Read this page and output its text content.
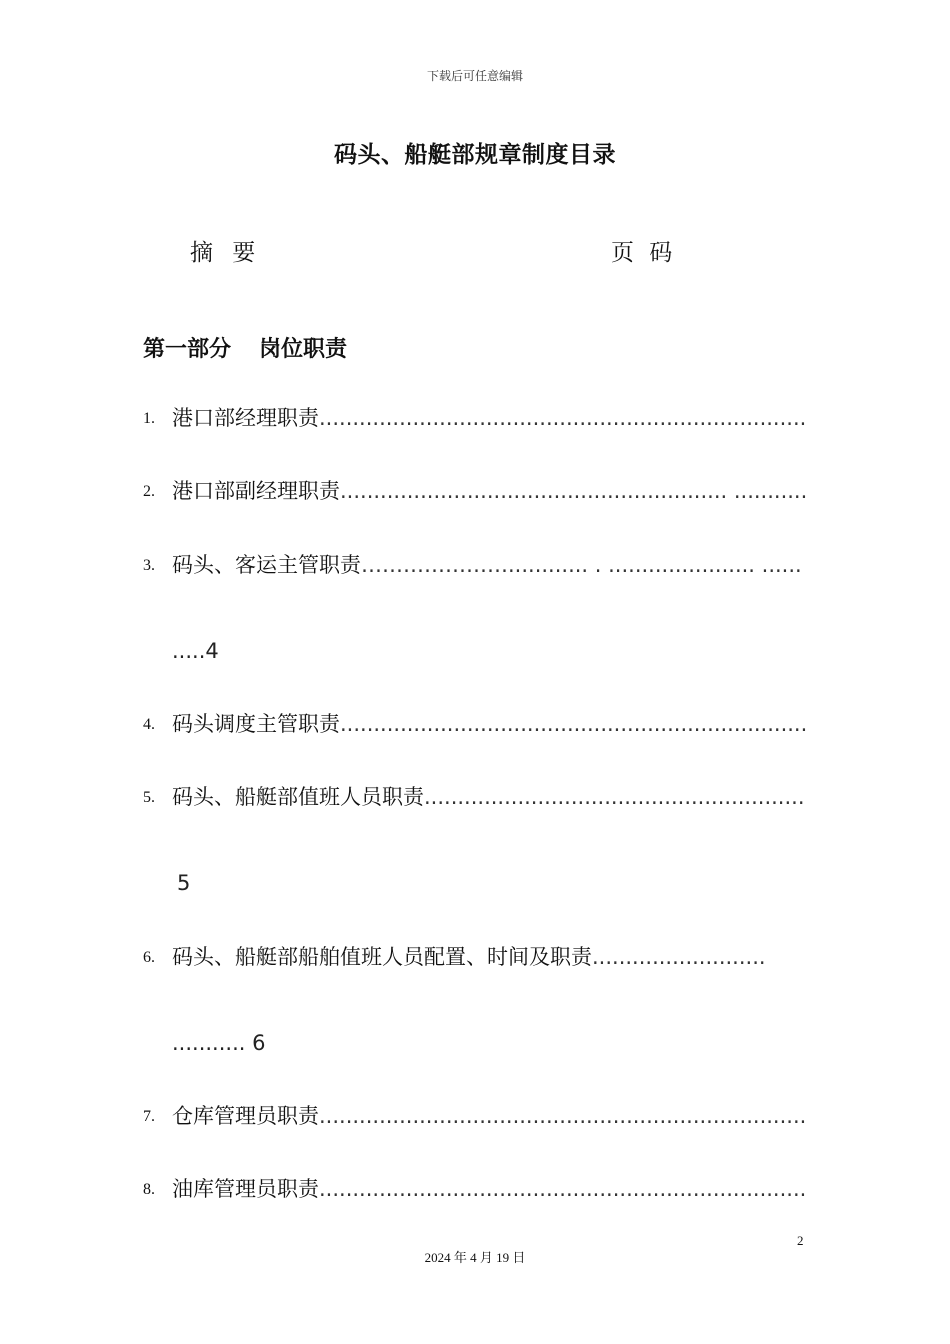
下载后可任意编辑
码头、船艇部规章制度目录
摘 要	页 码
第一部分 岗位职责
1. 港口部经理职责.........................................................................
2. 港口部副经理职责.......................................................... ...........
3. 码头、客运主管职责…………………............ . ...................... ......
.....4
4. 码头调度主管职责......................................................................
5. 码头、船艇部值班人员职责.........................................................
5
6. 码头、船艇部船舶值班人员配置、时间及职责..........................
........... 6
7. 仓库管理员职责.........................................................................
8. 油库管理员职责.........................................................................
2
2024 年 4 月 19 日
